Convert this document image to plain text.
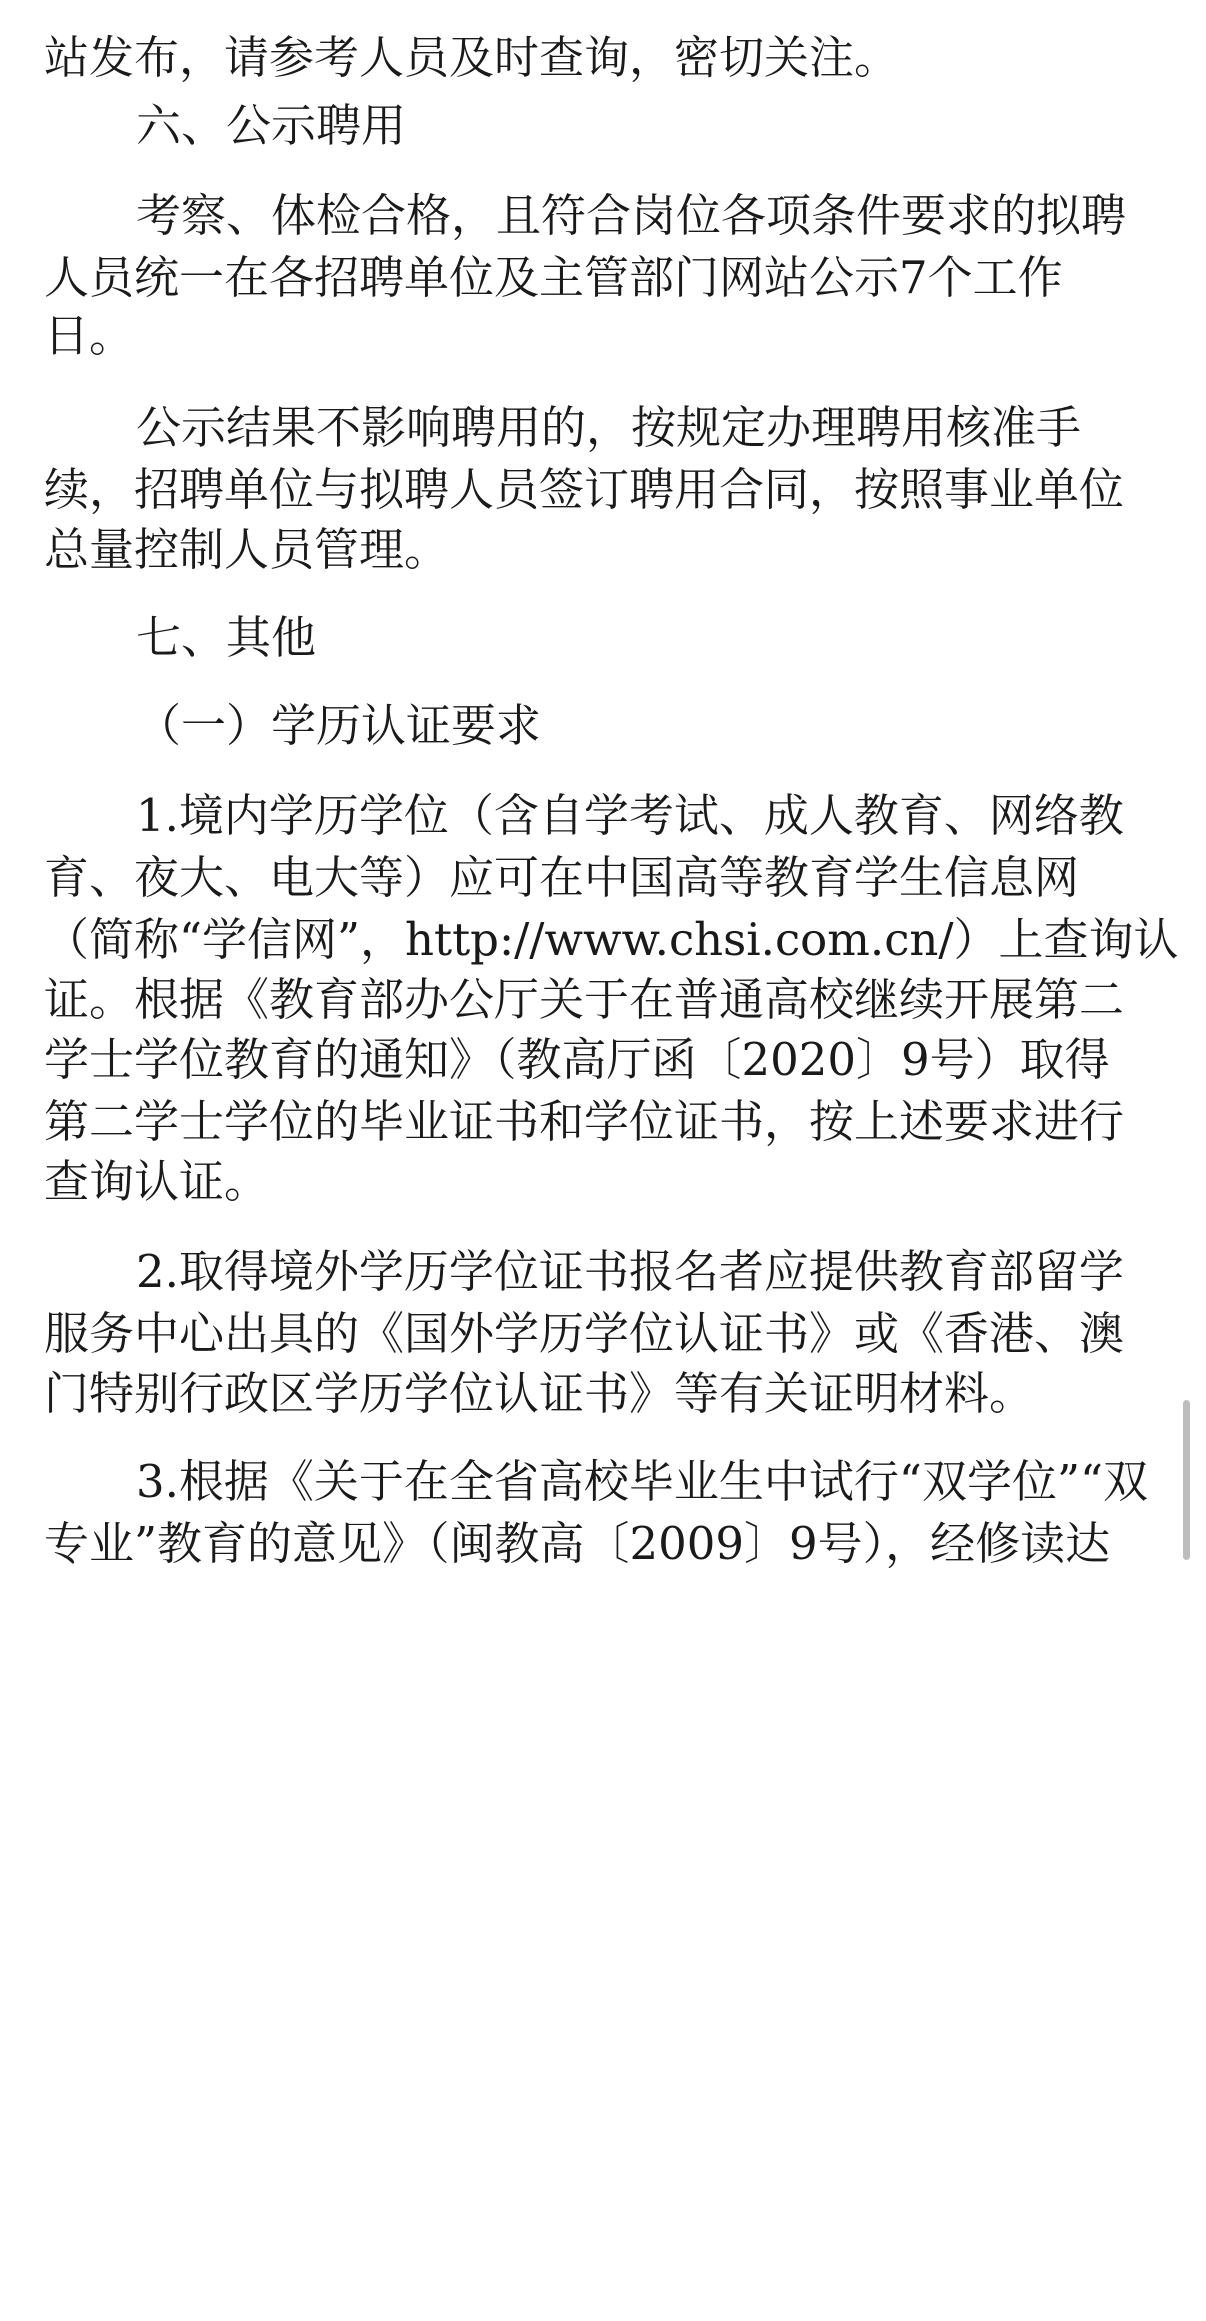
站发布，请参考人员及时查询，密切关注。
六、公示聘用
考察、体检合格，且符合岗位各项条件要求的拟聘
人员统一在各招聘单位及主管部门网站公示7个工作
日。
公示结果不影响聘用的，按规定办理聘用核准手
续，招聘单位与拟聘人员签订聘用合同，按照事业单位
总量控制人员管理。
七、其他
（一）学历认证要求
1.境内学历学位（含自学考试、成人教育、网络教
育、夜大、电大等）应可在中国高等教育学生信息网
（简称“学信网”，http://www.chsi.com.cn/）上查询认
证。根据《教育部办公厅关于在普通高校继续开展第二
学士学位教育的通知》（教高厅函〔2020〕9号）取得
第二学士学位的毕业证书和学位证书，按上述要求进行
查询认证。
2.取得境外学历学位证书报名者应提供教育部留学
服务中心出具的《国外学历学位认证书》或《香港、澳
门特别行政区学历学位认证书》等有关证明材料。
3.根据《关于在全省高校毕业生中试行“双学位”“双
专业”教育的意见》（闽教高〔2009〕9号），经修读达
